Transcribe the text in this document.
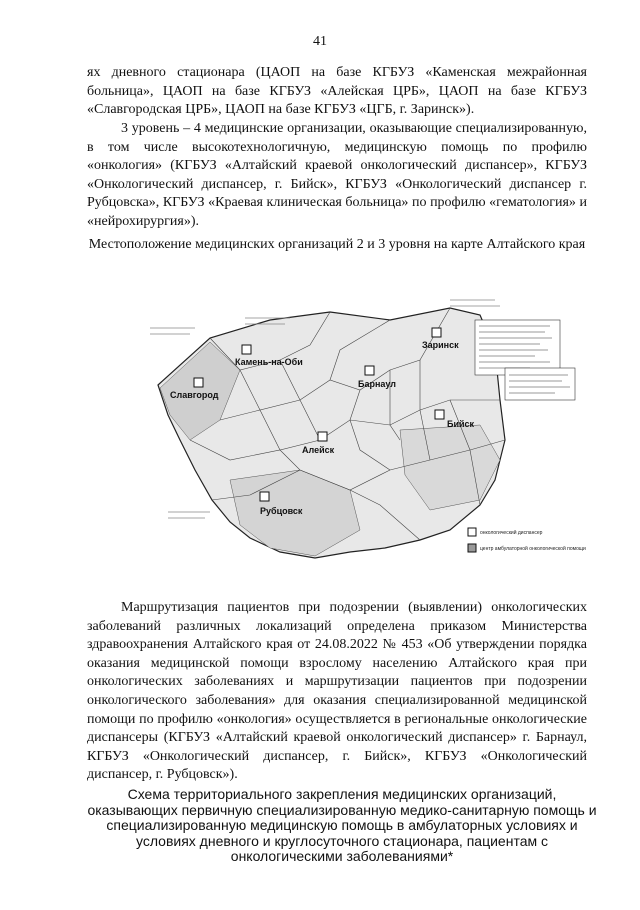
41
ях дневного стационара (ЦАОП на базе КГБУЗ «Каменская межрайонная больница», ЦАОП на базе КГБУЗ «Алейская ЦРБ», ЦАОП на базе КГБУЗ «Славгородская ЦРБ», ЦАОП на базе КГБУЗ «ЦГБ, г. Заринск»).
3 уровень – 4 медицинские организации, оказывающие специализированную, в том числе высокотехнологичную, медицинскую помощь по профилю «онкология» (КГБУЗ «Алтайский краевой онкологический диспансер», КГБУЗ «Онкологический диспансер, г. Бийск», КГБУЗ «Онкологический диспансер г. Рубцовска», КГБУЗ «Краевая клиническая больница» по профилю «гематология» и «нейрохирургия»).
Местоположение медицинских организаций 2 и 3 уровня на карте Алтайского края
Славгород
Камень-на-Оби
Заринск
Барнаул
Бийск
Алейск
Рубцовск
онкологический диспансер
центр амбулаторной онкологической помощи
Маршрутизация пациентов при подозрении (выявлении) онкологических заболеваний различных локализаций определена приказом Министерства здравоохранения Алтайского края от 24.08.2022 № 453 «Об утверждении порядка оказания медицинской помощи взрослому населению Алтайского края при онкологических заболеваниях и маршрутизации пациентов при подозрении онкологического заболевания» для оказания специализированной медицинской помощи по профилю «онкология» осуществляется в региональные онкологические диспансеры (КГБУЗ «Алтайский краевой онкологический диспансер» г. Барнаул, КГБУЗ «Онкологический диспансер, г. Бийск», КГБУЗ «Онкологический диспансер, г. Рубцовск»).
Схема территориального закрепления медицинских организаций, оказывающих первичную специализированную медико-санитарную помощь и специализированную медицинскую помощь в амбулаторных условиях и условиях дневного и круглосуточного стационара, пациентам с онкологическими заболеваниями*
